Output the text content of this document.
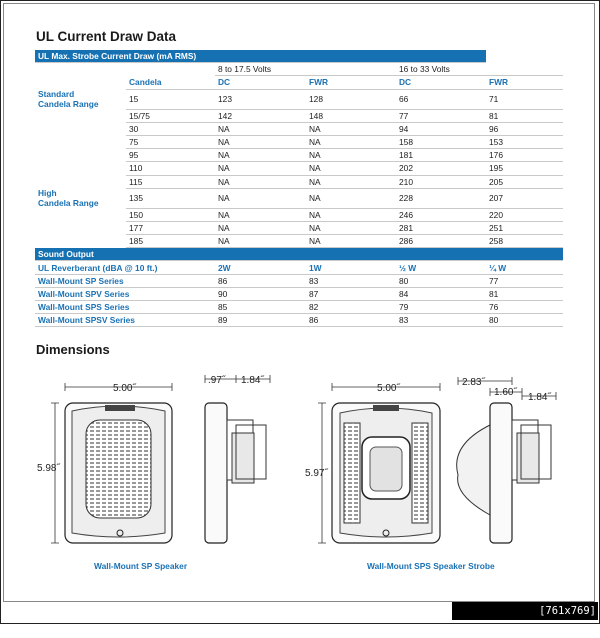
UL Current Draw Data
UL Max. Strobe Current Draw (mA RMS)					
		8 to 17.5 Volts		16 to 33 Volts	
	Candela	DC	FWR	DC	FWR

Standard
Candela Range	15	123	128	66	71
	15/75	142	148	77	81
	30	NA	NA	94	96
	75	NA	NA	158	153
	95	NA	NA	181	176
	110	NA	NA	202	195
	115	NA	NA	210	205

High
Candela Range	135	NA	NA	228	207
	150	NA	NA	246	220
	177	NA	NA	281	251
	185	NA	NA	286	258
Sound Output					
UL Reverberant (dBA @ 10 ft.)		2W	1W	½ W	¼ W
Wall-Mount SP Series		86	83	80	77
Wall-Mount SPV Series		90	87	84	81
Wall-Mount SPS Series		85	82	79	76
Wall-Mount SPSV Series		89	86	83	80
Dimensions
5.00˝
.97˝ 1.84˝
5.98˝
5.00˝
2.83˝
1.60˝ 1.84˝
5.97˝
Wall-Mount SP Speaker	Wall-Mount SPS Speaker Strobe
[761x769] http://upic.me/
